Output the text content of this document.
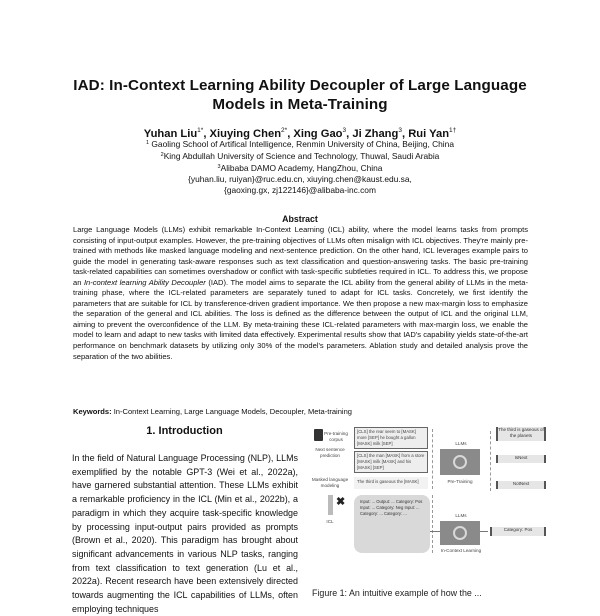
IAD: In-Context Learning Ability Decoupler of Large Language
Models in Meta-Training
Yuhan Liu$^{1*}$, Xiuying Chen$^{2*}$, Xing Gao$^3$, Ji Zhang$^3$, Rui Yan$^{1\dagger}$
$^1$ Gaoling School of Artifical Intelligence, Renmin University of China, Beijing, China
$^2$King Abdullah University of Science and Technology, Thuwal, Saudi Arabia
$^3$Alibaba DAMO Academy, HangZhou, China
{yuhan.liu, ruiyan}@ruc.edu.cn, xiuying.chen@kaust.edu.sa,
{gaoxing.gx, zj122146}@alibaba-inc.com
Abstract
Large Language Models (LLMs) exhibit remarkable In-Context Learning (ICL) ability, where the model learns tasks from prompts consisting of input-output examples. However, the pre-training objectives of LLMs often misalign with ICL objectives. They're mainly pre-trained with methods like masked language modeling and next-sentence prediction. On the other hand, ICL leverages example pairs to guide the model in generating task-aware responses such as text classification and question-answering tasks. The basic pre-training task-related capabilities can sometimes overshadow or conflict with task-specific subtleties required in ICL. To address this, we propose an In-context learning Ability Decoupler (IAD). The model aims to separate the ICL ability from the general ability of LLMs in the meta-training phase, where the ICL-related parameters are separately tuned to adapt for ICL tasks. Concretely, we first identify the parameters that are suitable for ICL by transference-driven gradient importance. We then propose a new max-margin loss to emphasize the separation of the general and ICL abilities. The loss is defined as the difference between the output of ICL and the original LLM, aiming to prevent the overconfidence of the LLM. By meta-training these ICL-related parameters with max-margin loss, we enable the model to learn and adapt to new tasks with limited data effectively. Experimental results show that IAD's capability yields state-of-the-art performance on benchmark datasets by utilizing only 30% of the model's parameters. Ablation study and detailed analysis prove the separation of the two abilities.
Keywords: In-Context Learning, Large Language Models, Decoupler, Meta-training
1. Introduction
In the field of Natural Language Processing (NLP), LLMs exemplified by the notable GPT-3 (Wei et al., 2022a), have garnered substantial attention. These LLMs exhibit a remarkable proficiency in the ICL (Min et al., 2022b), a paradigm in which they acquire task-specific knowledge by processing input-output pairs provided as prompts (Brown et al., 2020). This paradigm has brought about significant advancements in various NLP tasks, ranging from text classification to text generation (Lu et al., 2022a). Recent research have been extensively directed towards augmenting the ICL capabilities of LLMs, often employing techniques
Pre-training corpus
Next sentence prediction
Masked language modeling
✖
ICL
[CLS] the rear seem to [MASK] more [SEP] he bought a gallon [MASK] milk [SEP]
[CLS] the man [MASK] from a store [MASK] milk [MASK] and his [MASK] [SEP]
The third is gaseous the [MASK]
Input: ... Output: ... Category: Pos Input: ... Category: Neg Input: ... Category: ... Category: ...
LLMs
Pre-Training
LLMs
In-Context Learning
The third is gaseous of the planets
IsNext
NotNext
Category: Pos
Figure 1: An intuitive example of how the ...
